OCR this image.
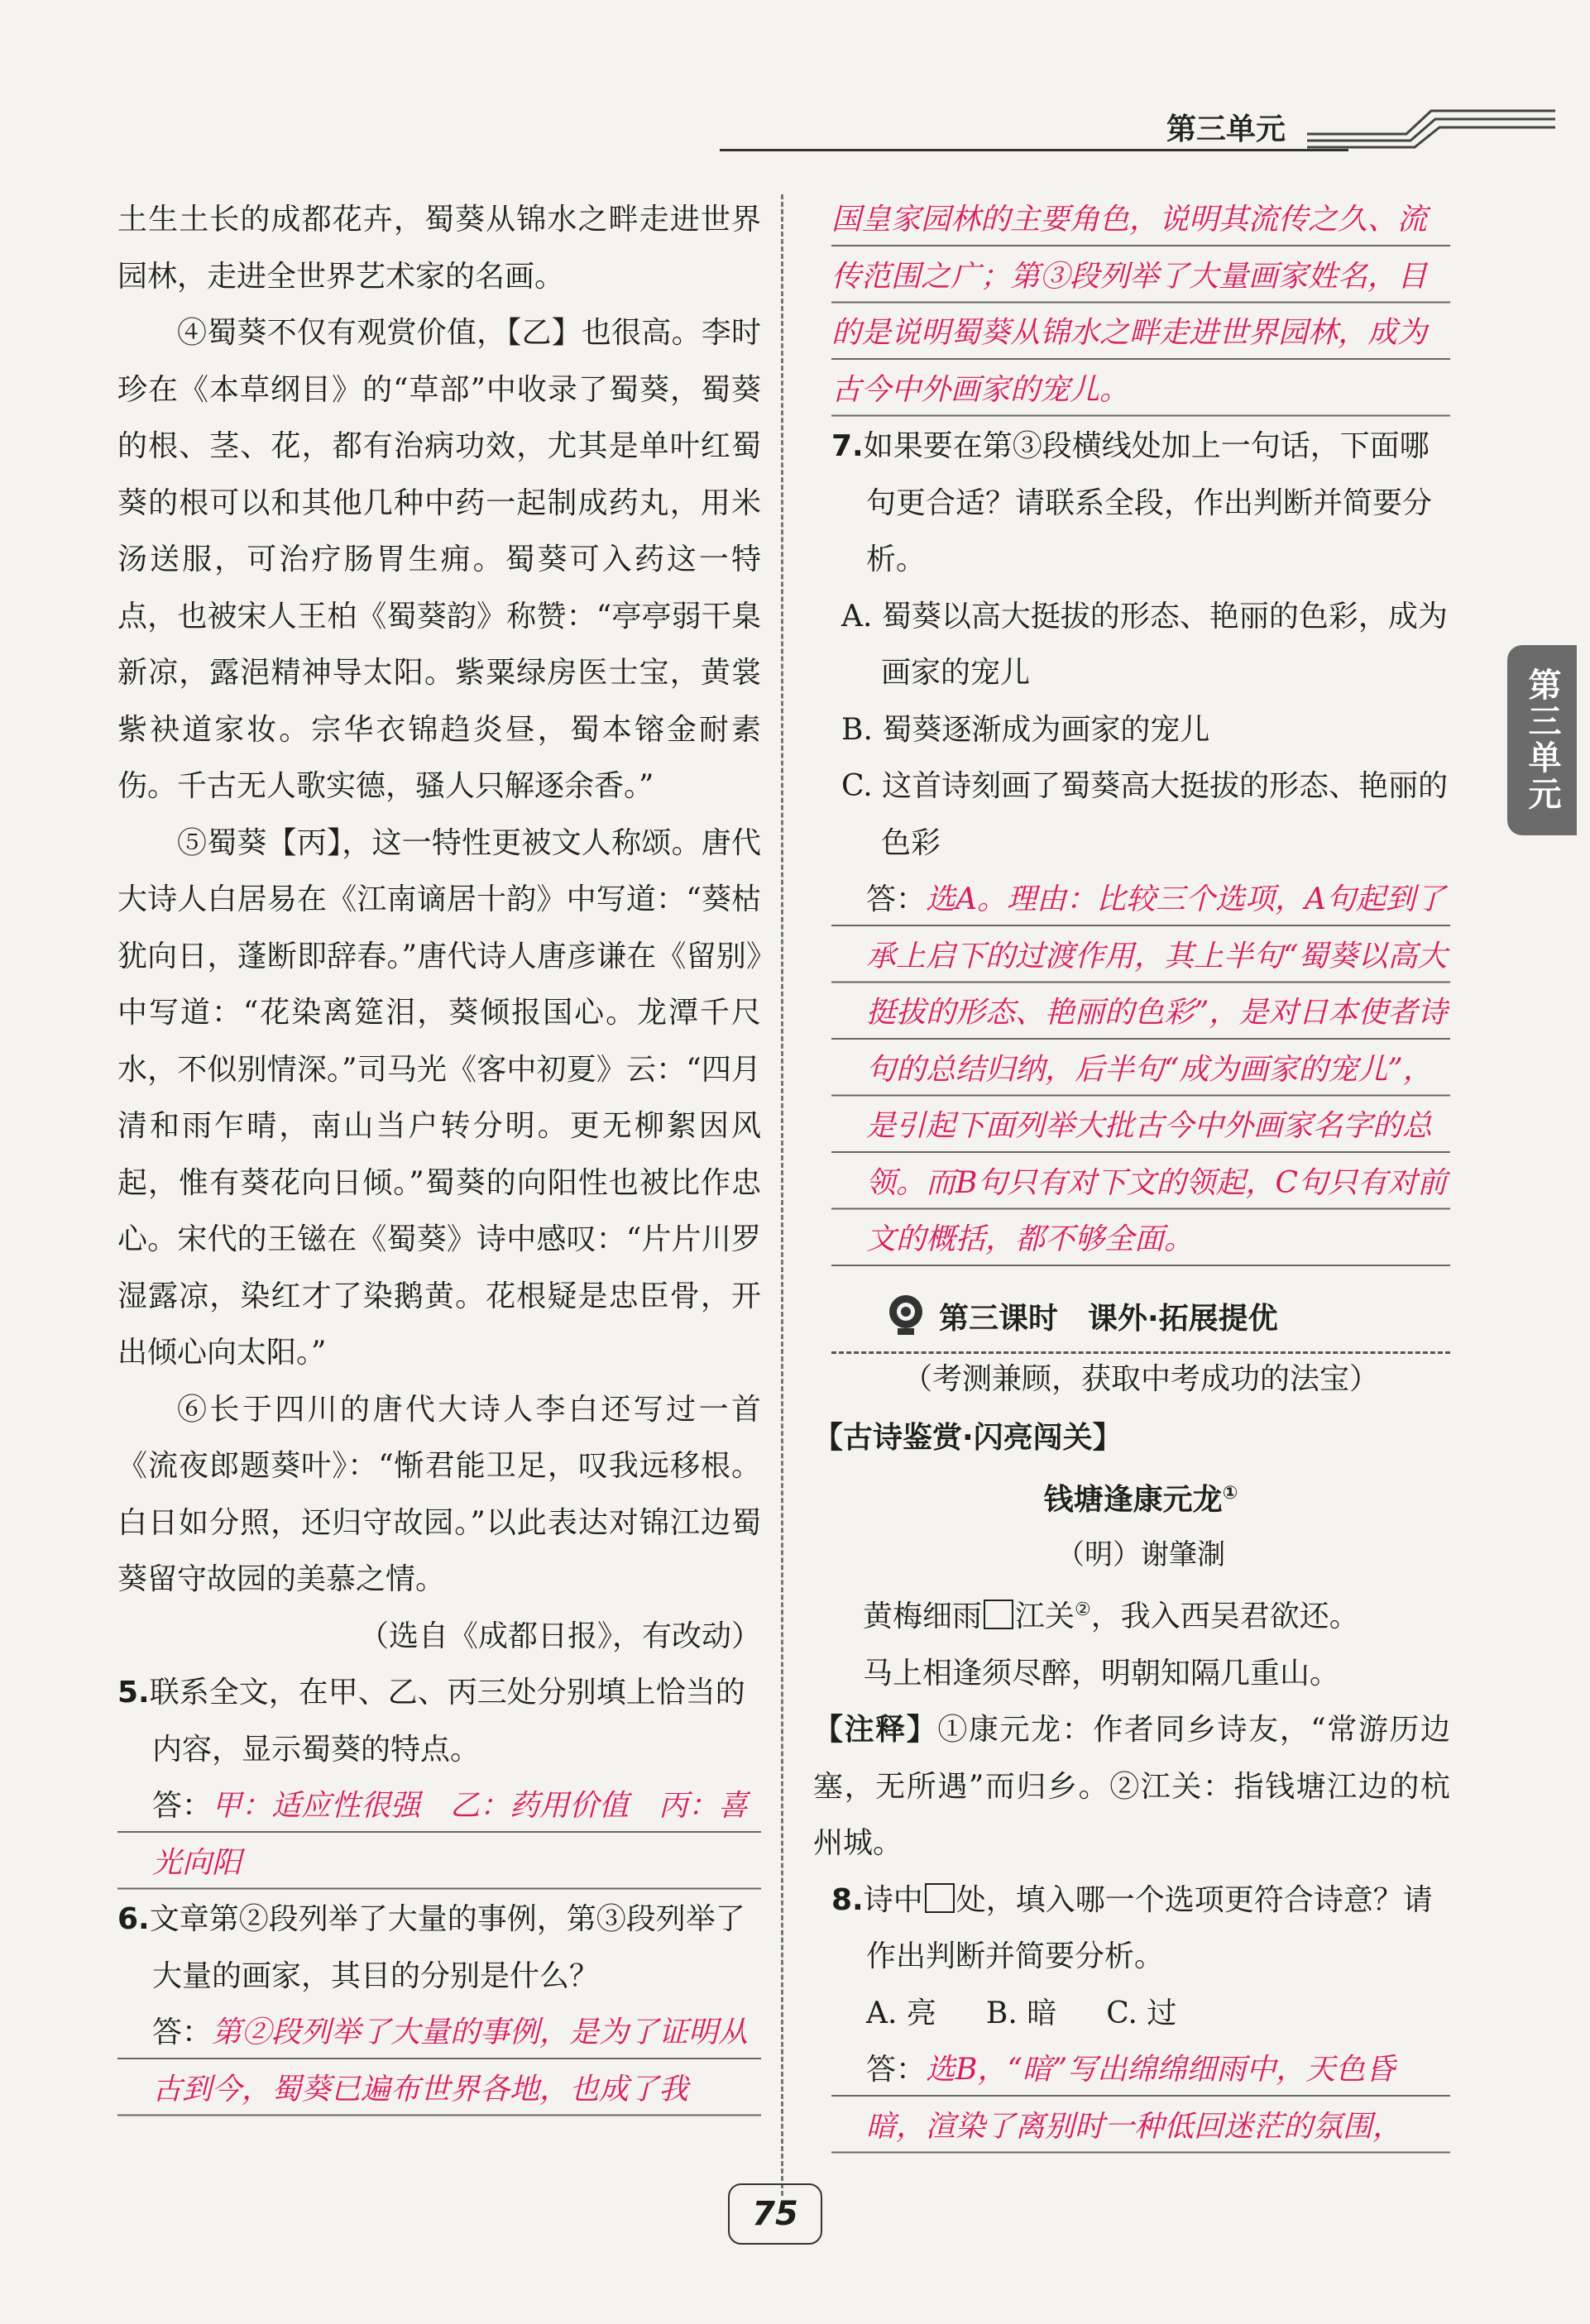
第三单元
第三单元

土生土长的成都花卉，蜀葵从锦水之畔走进世界园林，走进全世界艺术家的名画。

④蜀葵不仅有观赏价值，【乙】也很高。李时珍在《本草纲目》的“草部”中收录了蜀葵，蜀葵的根、茎、花，都有治病功效，尤其是单叶红蜀葵的根可以和其他几种中药一起制成药丸，用米汤送服，可治疗肠胃生痈。蜀葵可入药这一特点，也被宋人王柏《蜀葵韵》称赞：“亭亭弱干臬新凉，露浥精神导太阳。紫粟绿房医士宝，黄裳紫袂道家妆。宗华衣锦趋炎昼，蜀本镕金耐素伤。千古无人歌实德，骚人只解逐余香。”

⑤蜀葵【丙】，这一特性更被文人称颂。唐代大诗人白居易在《江南谪居十韵》中写道：“葵枯犹向日，蓬断即辞春。”唐代诗人唐彦谦在《留别》中写道：“花染离筵泪，葵倾报国心。龙潭千尺水，不似别情深。”司马光《客中初夏》云：“四月清和雨乍晴，南山当户转分明。更无柳絮因风起，惟有葵花向日倾。”蜀葵的向阳性也被比作忠心。宋代的王镃在《蜀葵》诗中感叹：“片片川罗湿露凉，染红才了染鹅黄。花根疑是忠臣骨，开出倾心向太阳。”

⑥长于四川的唐代大诗人李白还写过一首《流夜郎题葵叶》：“惭君能卫足，叹我远移根。白日如分照，还归守故园。”以此表达对锦江边蜀葵留守故园的美慕之情。

（选自《成都日报》，有改动）

5.联系全文，在甲、乙、丙三处分别填上恰当的内容，显示蜀葵的特点。

答：甲：适应性很强　乙：药用价值　丙：喜光向阳

6.文章第②段列举了大量的事例，第③段列举了大量的画家，其目的分别是什么？

答：第②段列举了大量的事例，是为了证明从古到今，蜀葵已遍布世界各地，也成了我

国皇家园林的主要角色，说明其流传之久、流传范围之广；第③段列举了大量画家姓名，目的是说明蜀葵从锦水之畔走进世界园林，成为古今中外画家的宠儿。

7.如果要在第③段横线处加上一句话，下面哪句更合适？请联系全段，作出判断并简要分析。

A. 蜀葵以高大挺拔的形态、艳丽的色彩，成为画家的宠儿

B. 蜀葵逐渐成为画家的宠儿

C. 这首诗刻画了蜀葵高大挺拔的形态、艳丽的色彩

答：选A。理由：比较三个选项，A句起到了承上启下的过渡作用，其上半句“蜀葵以高大挺拔的形态、艳丽的色彩”，是对日本使者诗句的总结归纳，后半句“成为画家的宠儿”，是引起下面列举大批古今中外画家名字的总领。而B句只有对下文的领起，C句只有对前文的概括，都不够全面。

第三课时　课外·拓展提优

（考测兼顾，获取中考成功的法宝）

【古诗鉴赏·闪亮闯关】

钱塘逢康元龙①

（明）谢肇淛

黄梅细雨 江关②，我入西吴君欲还。

马上相逢须尽醉，明朝知隔几重山。

【注释】①康元龙：作者同乡诗友，“常游历边塞，无所遇”而归乡。②江关：指钱塘江边的杭州城。

8.诗中 处，填入哪一个选项更符合诗意？请作出判断并简要分析。

A. 亮 B. 暗 C. 过

答：选B，“暗”写出绵绵细雨中，天色昏暗，渲染了离别时一种低回迷茫的氛围，

75
